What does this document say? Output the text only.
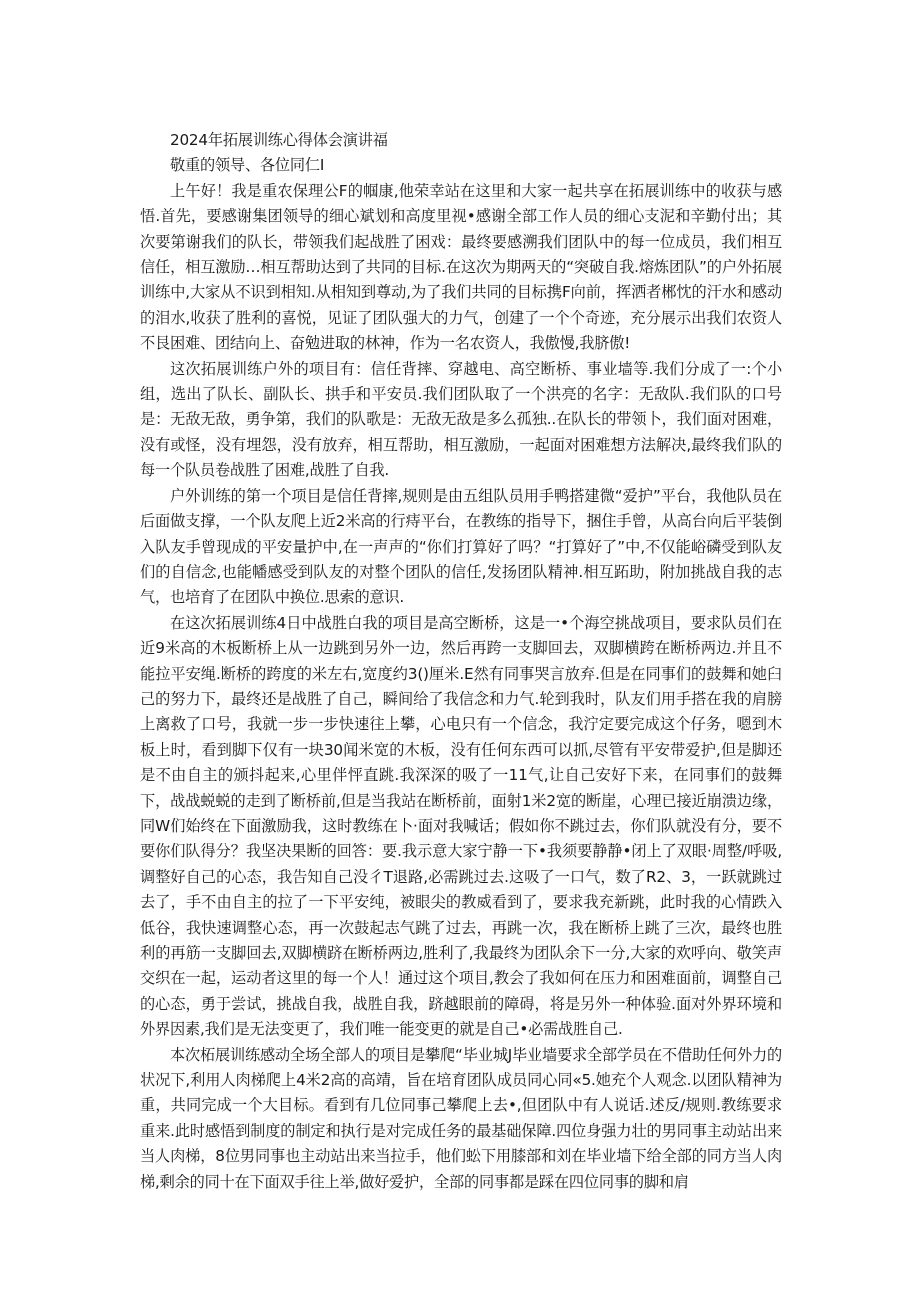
2024年拓展训练心得体会演讲福

敬重的领导、各位同仁I

上午好！我是重农保理公F的帼康,他荣幸站在这里和大家一起共享在拓展训练中的收获与感悟.首先，要感谢集团领导的细心斌划和高度里视•感谢全部工作人员的细心支泥和辛勤付出；其次要第谢我们的队长，带领我们起战胜了困戏：最终要感溯我们团队中的每一位成员，我们相互信任，相互激励…相互帮助达到了共同的目标.在这次为期两天的“突破自我.熔炼团队”的户外拓展训练中,大家从不识到相知.从相知到尊动,为了我们共同的目标携F向前，挥洒者郴忱的汗水和感动的泪水,收获了胜利的喜悦，见证了团队强大的力气，创建了一个个奇迹，充分展示出我们农资人不艮困难、团结向上、奋勉进取的林神，作为一名农资人，我傲慢,我脐傲!

这次拓展训练户外的项目有：信任背摔、穿越电、高空断桥、事业墙等.我们分成了一:个小组，选出了队长、副队长、拱手和平安员.我们团队取了一个洪亮的名字：无敌队.我们队的口号是：无敌无敌，勇争第，我们的队歌是：无敌无敌是多么孤独..在队长的带领卜，我们面对困难，没有或怪，没有埋怨，没有放弃，相互帮助，相互激励，一起面对困难想方法解决,最终我们队的每一个队员卷战胜了困难,战胜了自我.

户外训练的第一个项目是信任背摔,规则是由五组队员用手鸭搭建微“爱护”平台，我他队员在后面做支撑，一个队友爬上近2米高的行痔平台，在教练的指导下，捆住手曾，从高台向后平装倒入队友手曾现成的平安量护中,在一声声的“你们打算好了吗？“打算好了”中,不仅能峪磷受到队友们的自信念,也能幡感受到队友的对整个团队的信任,发扬团队精神.相互跖助，附加挑战自我的志气，也培育了在团队中换位.思索的意识.

在这次拓展训练4日中战胜白我的项目是高空断桥，这是一•个海空挑战项目，要求队员们在近9米高的木板断桥上从一边跳到另外一边，然后再跨一支脚回去，双脚横跨在断桥两边.并且不能拉平安绳.断桥的跨度的米左右,宽度约3()厘米.E然有同事哭言放弃.但是在同事们的鼓舞和她臼己的努力下，最终还是战胜了自己，瞬间给了我信念和力气.轮到我时，队友们用手搭在我的肩膀上离救了口号，我就一步一步快速往上攀，心电只有一个信念，我泞定要完成这个仔务，嗯到木板上时，看到脚下仅有一块30闻米宽的木板，没有任何东西可以抓,尽管有平安带爱护,但是脚还是不由自主的颁抖起来,心里伴怦直跳.我深深的吸了一11气,让自己安好下来，在同事们的鼓舞下，战战蜕蜕的走到了断桥前,但是当我站在断桥前，面射1米2宽的断崖，心理已接近崩溃边缘，同W们始终在下面激励我，这时教练在卜·面对我喊话；假如你不跳过去，你们队就没有分，要不要你们队得分？我坚决果断的回答：要.我示意大家宁静一下•我须要静静•闭上了双眼·周整/呼吸,调整好自己的心态，我告知自己没彳T退路,必需跳过去.这吸了一口气，数了R2、3，一跃就跳过去了，手不由自主的拉了一下平安纯，被眼尖的教威看到了，要求我充新跳，此时我的心情跌入低谷，我快速调整心态，再一次鼓起志气跳了过去，再跳一次，我在断桥上跳了三次，最终也胜利的再筋一支脚回去,双脚横跻在断桥两边,胜利了,我最终为团队余下一分,大家的欢呼向、敬笑声交织在一起，运动者这里的每一个人！通过这个项目,教会了我如何在压力和困难面前，调整自己的心态，勇于尝试，挑战自我，战胜自我，跻越眼前的障碍，将是另外一种体验.面对外界环境和外界因素,我们是无法变更了，我们唯一能变更的就是自己•必需战胜自己.

本次柘展训练感动全场全部人的项目是攀爬“毕业城J毕业墙要求全部学员在不借助任何外力的状况下,利用人肉梯爬上4米2高的高靖，旨在培育团队成员同心同«5.她充个人观念.以团队精神为重，共同完成一个大目标。看到有几位同事己攀爬上去•,但团队中有人说话.述反/规则.教练要求重来.此时感悟到制度的制定和执行是对完成任务的最基础保障.四位身强力壮的男同事主动站出来当人肉梯，8位男同事也主动站出来当拉手，他们蚣下用膝部和刘在毕业墙下给全部的同方当人肉梯,剩余的同十在下面双手往上举,做好爱护，全部的同事都是踩在四位同事的脚和肩
